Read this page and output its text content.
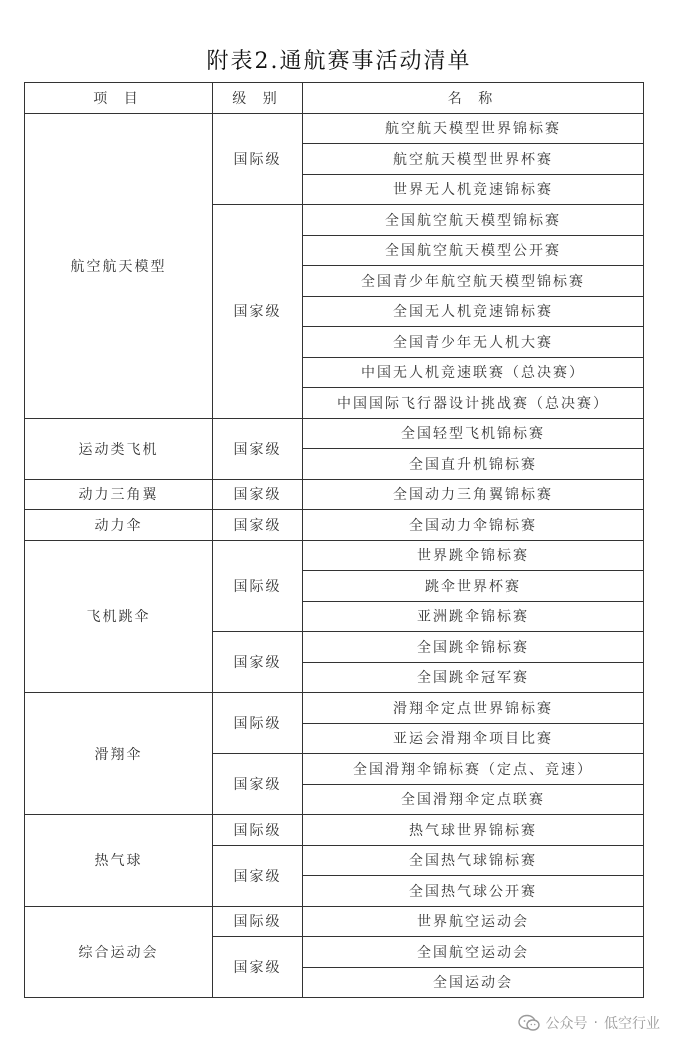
附表2.通航赛事活动清单
项 目	级 别	名 称
航空航天模型	国际级	航空航天模型世界锦标赛
		航空航天模型世界杯赛
		世界无人机竞速锦标赛
	国家级	全国航空航天模型锦标赛
		全国航空航天模型公开赛
		全国青少年航空航天模型锦标赛
		全国无人机竞速锦标赛
		全国青少年无人机大赛
		中国无人机竞速联赛（总决赛）
		中国国际飞行器设计挑战赛（总决赛）
运动类飞机	国家级	全国轻型飞机锦标赛
		全国直升机锦标赛
动力三角翼	国家级	全国动力三角翼锦标赛
动力伞	国家级	全国动力伞锦标赛
飞机跳伞	国际级	世界跳伞锦标赛
		跳伞世界杯赛
		亚洲跳伞锦标赛
	国家级	全国跳伞锦标赛
		全国跳伞冠军赛
滑翔伞	国际级	滑翔伞定点世界锦标赛
		亚运会滑翔伞项目比赛
	国家级	全国滑翔伞锦标赛（定点、竞速）
		全国滑翔伞定点联赛
热气球	国际级	热气球世界锦标赛
	国家级	全国热气球锦标赛
		全国热气球公开赛
综合运动会	国际级	世界航空运动会
	国家级	全国航空运动会
		全国运动会
公众号 · 低空行业
